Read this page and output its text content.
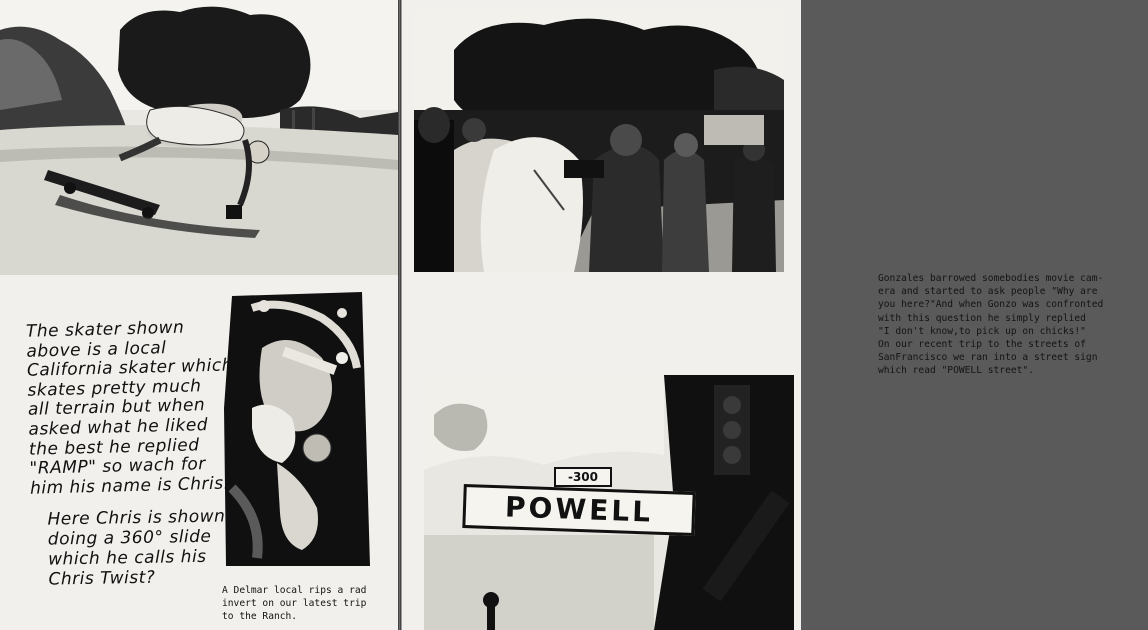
The skater shown
above is a local
California skater which
skates pretty much
all terrain but when
asked what he liked
the best he replied
"RAMP" so wach for
him his name is Chris.
Here Chris is shown
doing a 360° slide
which he calls his
Chris Twist?
A Delmar local rips a rad
invert on our latest trip
to the Ranch.
Gonzales barrowed somebodies movie cam-
era and started to ask people "Why are
you here?"And when Gonzo was confronted
with this question he simply replied
"I don't know,to pick up on chicks!"
On our recent trip to the streets of
SanFrancisco we ran into a street sign
which read "POWELL street".
POWELL
- 300
